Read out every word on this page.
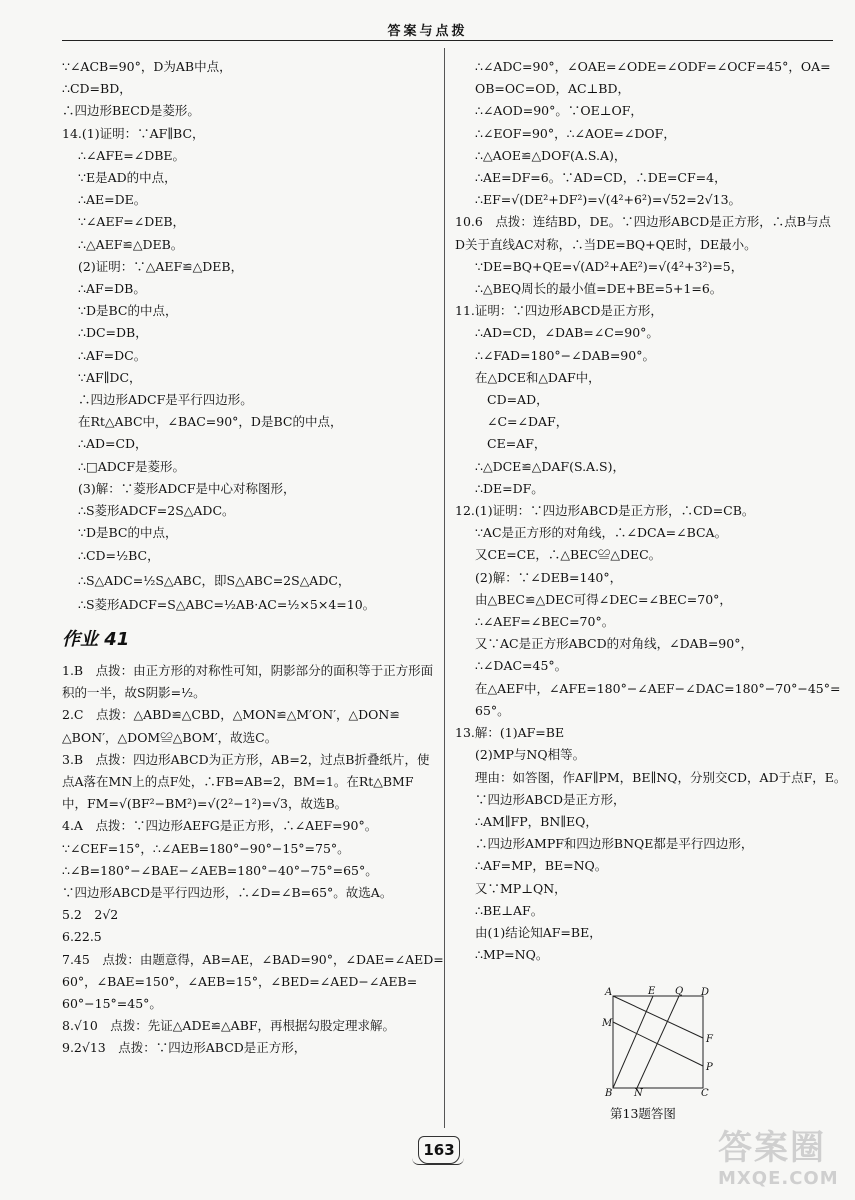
答案与点拨
∵∠ACB=90°，D为AB中点，
∴CD=BD，
∴四边形BECD是菱形。
14.(1)证明：∵AF∥BC，
∴∠AFE=∠DBE。
∵E是AD的中点，
∴AE=DE。
∵∠AEF=∠DEB，
∴△AEF≌△DEB。
(2)证明：∵△AEF≌△DEB，
∴AF=DB。
∵D是BC的中点，
∴DC=DB，
∴AF=DC。
∵AF∥DC，
∴四边形ADCF是平行四边形。
在Rt△ABC中，∠BAC=90°，D是BC的中点，
∴AD=CD，
∴□ADCF是菱形。
(3)解：∵菱形ADCF是中心对称图形，
∴S菱形ADCF=2S△ADC。
∵D是BC的中点，
∴CD=½BC，
∴S△ADC=½S△ABC，即S△ABC=2S△ADC，
∴S菱形ADCF=S△ABC=½AB·AC=½×5×4=10。
作业 41
1.B　点拨：由正方形的对称性可知，阴影部分的面积等于正方形面
积的一半，故S阴影=½。
2.C　点拨：△ABD≌△CBD，△MON≌△M′ON′，△DON≌
△BON′，△DOM≌△BOM′，故选C。
3.B　点拨：四边形ABCD为正方形，AB=2，过点B折叠纸片，使
点A落在MN上的点F处，∴FB=AB=2，BM=1。在Rt△BMF
中，FM=√(BF²−BM²)=√(2²−1²)=√3，故选B。
4.A　点拨：∵四边形AEFG是正方形，∴∠AEF=90°。
∵∠CEF=15°，∴∠AEB=180°−90°−15°=75°。
∴∠B=180°−∠BAE−∠AEB=180°−40°−75°=65°。
∵四边形ABCD是平行四边形，∴∠D=∠B=65°。故选A。
5.2　2√2
6.22.5
7.45　点拨：由题意得，AB=AE，∠BAD=90°，∠DAE=∠AED=
60°，∠BAE=150°，∠AEB=15°，∠BED=∠AED−∠AEB=
60°−15°=45°。
8.√10　点拨：先证△ADE≌△ABF，再根据勾股定理求解。
9.2√13　点拨：∵四边形ABCD是正方形，
∴∠ADC=90°，∠OAE=∠ODE=∠ODF=∠OCF=45°，OA=
OB=OC=OD，AC⊥BD，
∴∠AOD=90°。∵OE⊥OF，
∴∠EOF=90°，∴∠AOE=∠DOF，
∴△AOE≌△DOF(A.S.A)，
∴AE=DF=6。∵AD=CD，∴DE=CF=4，
∴EF=√(DE²+DF²)=√(4²+6²)=√52=2√13。
10.6　点拨：连结BD，DE。∵四边形ABCD是正方形，∴点B与点
D关于直线AC对称，∴当DE=BQ+QE时，DE最小。
∵DE=BQ+QE=√(AD²+AE²)=√(4²+3²)=5，
∴△BEQ周长的最小值=DE+BE=5+1=6。
11.证明：∵四边形ABCD是正方形，
∴AD=CD，∠DAB=∠C=90°。
∴∠FAD=180°−∠DAB=90°。
在△DCE和△DAF中，
CD=AD，
∠C=∠DAF，
CE=AF，
∴△DCE≌△DAF(S.A.S)，
∴DE=DF。
12.(1)证明：∵四边形ABCD是正方形，∴CD=CB。
∵AC是正方形的对角线，∴∠DCA=∠BCA。
又CE=CE，∴△BEC≌△DEC。
(2)解：∵∠DEB=140°，
由△BEC≌△DEC可得∠DEC=∠BEC=70°，
∴∠AEF=∠BEC=70°。
又∵AC是正方形ABCD的对角线，∠DAB=90°，
∴∠DAC=45°。
在△AEF中，∠AFE=180°−∠AEF−∠DAC=180°−70°−45°=
65°。
13.解：(1)AF=BE
(2)MP与NQ相等。
理由：如答图，作AF∥PM，BE∥NQ，分别交CD，AD于点F，E。
∵四边形ABCD是正方形，
∴AM∥FP，BN∥EQ，
∴四边形AMPF和四边形BNQE都是平行四边形，
∴AF=MP，BE=NQ。
又∵MP⊥QN，
∴BE⊥AF。
由(1)结论知AF=BE，
∴MP=NQ。
A	E Q D
M
F
P
B N	C
第13题答图
163	答案圈
MXQE.COM
